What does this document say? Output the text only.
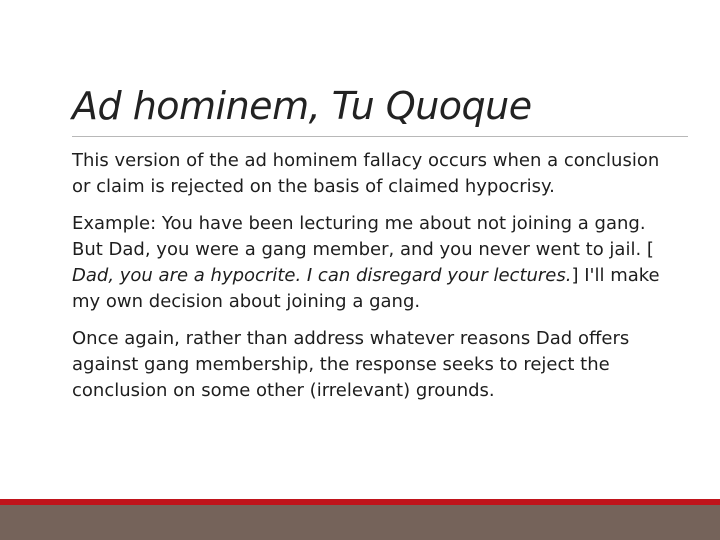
Ad hominem, Tu Quoque

This version of the ad hominem fallacy occurs when a conclusion or claim is rejected on the basis of claimed hypocrisy.

Example: You have been lecturing me about not joining a gang. But Dad, you were a gang member, and you never went to jail. [ Dad, you are a hypocrite. I can disregard your lectures.] I'll make my own decision about joining a gang.

Once again, rather than address whatever reasons Dad offers against gang membership, the response seeks to reject the conclusion on some other (irrelevant) grounds.
